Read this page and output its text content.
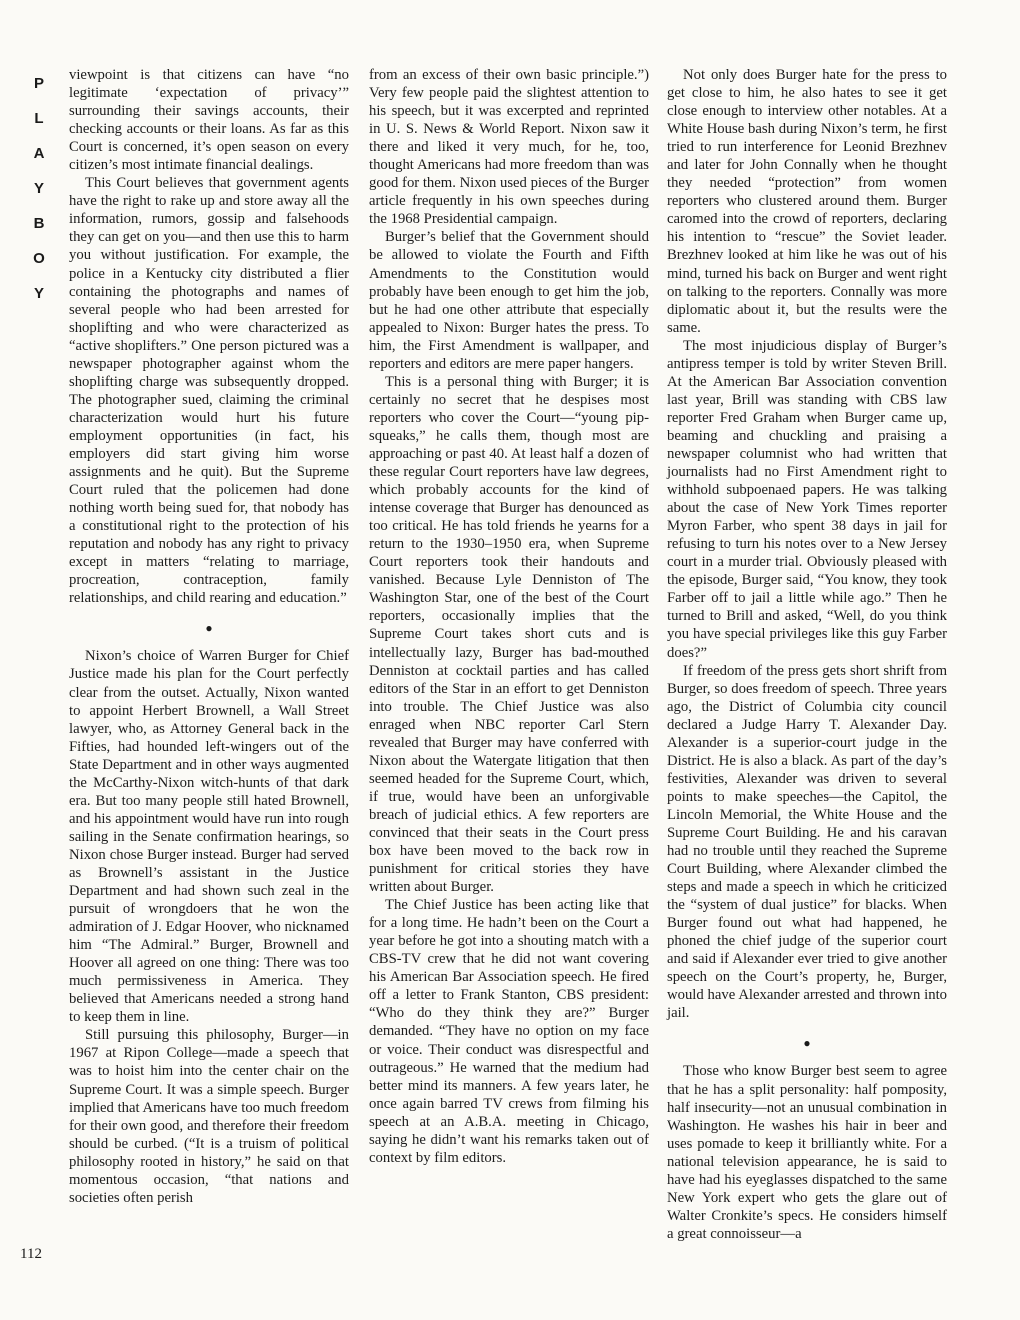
P
L
A
Y
B
O
Y

viewpoint is that citizens can have “no legitimate ‘expectation of privacy’” surrounding their savings accounts, their checking accounts or their loans. As far as this Court is concerned, it’s open season on every citizen’s most intimate financial dealings.

This Court believes that government agents have the right to rake up and store away all the information, rumors, gossip and falsehoods they can get on you—and then use this to harm you without justification. For example, the police in a Kentucky city distributed a flier containing the photographs and names of several people who had been arrested for shoplifting and who were characterized as “active shoplifters.” One person pictured was a newspaper photographer against whom the shoplifting charge was subsequently dropped. The photographer sued, claiming the criminal characterization would hurt his future employment opportunities (in fact, his employers did start giving him worse assignments and he quit). But the Supreme Court ruled that the policemen had done nothing worth being sued for, that nobody has a constitutional right to the protection of his reputation and nobody has any right to privacy except in matters “relating to marriage, procreation, contraception, family relationships, and child rearing and education.”

●

Nixon’s choice of Warren Burger for Chief Justice made his plan for the Court perfectly clear from the outset. Actually, Nixon wanted to appoint Herbert Brownell, a Wall Street lawyer, who, as Attorney General back in the Fifties, had hounded left-wingers out of the State Department and in other ways augmented the McCarthy-Nixon witch-hunts of that dark era. But too many people still hated Brownell, and his appointment would have run into rough sailing in the Senate confirmation hearings, so Nixon chose Burger instead. Burger had served as Brownell’s assistant in the Justice Department and had shown such zeal in the pursuit of wrongdoers that he won the admiration of J. Edgar Hoover, who nicknamed him “The Admiral.” Burger, Brownell and Hoover all agreed on one thing: There was too much permissiveness in America. They believed that Americans needed a strong hand to keep them in line.

Still pursuing this philosophy, Burger—in 1967 at Ripon College—made a speech that was to hoist him into the center chair on the Supreme Court. It was a simple speech. Burger implied that Americans have too much freedom for their own good, and therefore their freedom should be curbed. (“It is a truism of political philosophy rooted in history,” he said on that momentous occasion, “that nations and societies often perish

from an excess of their own basic principle.”) Very few people paid the slightest attention to his speech, but it was excerpted and reprinted in U. S. News & World Report. Nixon saw it there and liked it very much, for he, too, thought Americans had more freedom than was good for them. Nixon used pieces of the Burger article frequently in his own speeches during the 1968 Presidential campaign.

Burger’s belief that the Government should be allowed to violate the Fourth and Fifth Amendments to the Constitution would probably have been enough to get him the job, but he had one other attribute that especially appealed to Nixon: Burger hates the press. To him, the First Amendment is wallpaper, and reporters and editors are mere paper hangers.

This is a personal thing with Burger; it is certainly no secret that he despises most reporters who cover the Court—“young pip-squeaks,” he calls them, though most are approaching or past 40. At least half a dozen of these regular Court reporters have law degrees, which probably accounts for the kind of intense coverage that Burger has denounced as too critical. He has told friends he yearns for a return to the 1930–1950 era, when Supreme Court reporters took their handouts and vanished. Because Lyle Denniston of The Washington Star, one of the best of the Court reporters, occasionally implies that the Supreme Court takes short cuts and is intellectually lazy, Burger has bad-mouthed Denniston at cocktail parties and has called editors of the Star in an effort to get Denniston into trouble. The Chief Justice was also enraged when NBC reporter Carl Stern revealed that Burger may have conferred with Nixon about the Watergate litigation that then seemed headed for the Supreme Court, which, if true, would have been an unforgivable breach of judicial ethics. A few reporters are convinced that their seats in the Court press box have been moved to the back row in punishment for critical stories they have written about Burger.

The Chief Justice has been acting like that for a long time. He hadn’t been on the Court a year before he got into a shouting match with a CBS-TV crew that he did not want covering his American Bar Association speech. He fired off a letter to Frank Stanton, CBS president: “Who do they think they are?” Burger demanded. “They have no option on my face or voice. Their conduct was disrespectful and outrageous.” He warned that the medium had better mind its manners. A few years later, he once again barred TV crews from filming his speech at an A.B.A. meeting in Chicago, saying he didn’t want his remarks taken out of context by film editors.

Not only does Burger hate for the press to get close to him, he also hates to see it get close enough to interview other notables. At a White House bash during Nixon’s term, he first tried to run interference for Leonid Brezhnev and later for John Connally when he thought they needed “protection” from women reporters who clustered around them. Burger caromed into the crowd of reporters, declaring his intention to “rescue” the Soviet leader. Brezhnev looked at him like he was out of his mind, turned his back on Burger and went right on talking to the reporters. Connally was more diplomatic about it, but the results were the same.

The most injudicious display of Burger’s antipress temper is told by writer Steven Brill. At the American Bar Association convention last year, Brill was standing with CBS law reporter Fred Graham when Burger came up, beaming and chuckling and praising a newspaper columnist who had written that journalists had no First Amendment right to withhold subpoenaed papers. He was talking about the case of New York Times reporter Myron Farber, who spent 38 days in jail for refusing to turn his notes over to a New Jersey court in a murder trial. Obviously pleased with the episode, Burger said, “You know, they took Farber off to jail a little while ago.” Then he turned to Brill and asked, “Well, do you think you have special privileges like this guy Farber does?”

If freedom of the press gets short shrift from Burger, so does freedom of speech. Three years ago, the District of Columbia city council declared a Judge Harry T. Alexander Day. Alexander is a superior-court judge in the District. He is also a black. As part of the day’s festivities, Alexander was driven to several points to make speeches—the Capitol, the Lincoln Memorial, the White House and the Supreme Court Building. He and his caravan had no trouble until they reached the Supreme Court Building, where Alexander climbed the steps and made a speech in which he criticized the “system of dual justice” for blacks. When Burger found out what had happened, he phoned the chief judge of the superior court and said if Alexander ever tried to give another speech on the Court’s property, he, Burger, would have Alexander arrested and thrown into jail.

●

Those who know Burger best seem to agree that he has a split personality: half pomposity, half insecurity—not an unusual combination in Washington. He washes his hair in beer and uses pomade to keep it brilliantly white. For a national television appearance, he is said to have had his eyeglasses dispatched to the same New York expert who gets the glare out of Walter Cronkite’s specs. He considers himself a great connoisseur—a

112
